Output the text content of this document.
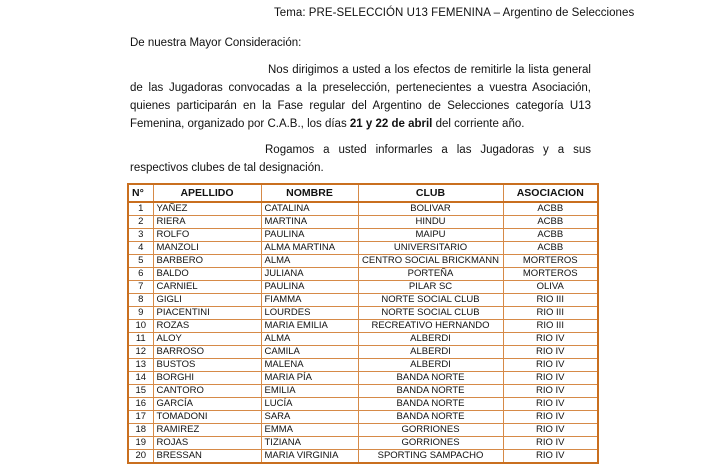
Tema: PRE-SELECCIÓN U13 FEMENINA – Argentino de Selecciones
De nuestra Mayor Consideración:
Nos dirigimos a usted a los efectos de remitirle la lista general de las Jugadoras convocadas a la preselección, pertenecientes a vuestra Asociación, quienes participarán en la Fase regular del Argentino de Selecciones categoría U13 Femenina, organizado por C.A.B., los días 21 y 22 de abril del corriente año.
Rogamos a usted informarles a las Jugadoras y a sus respectivos clubes de tal designación.
N°	APELLIDO	NOMBRE	CLUB	ASOCIACION
1	YAÑEZ	CATALINA	BOLIVAR	ACBB
2	RIERA	MARTINA	HINDU	ACBB
3	ROLFO	PAULINA	MAIPU	ACBB
4	MANZOLI	ALMA MARTINA	UNIVERSITARIO	ACBB
5	BARBERO	ALMA	CENTRO SOCIAL BRICKMANN	MORTEROS
6	BALDO	JULIANA	PORTEÑA	MORTEROS
7	CARNIEL	PAULINA	PILAR SC	OLIVA
8	GIGLI	FIAMMA	NORTE SOCIAL CLUB	RIO III
9	PIACENTINI	LOURDES	NORTE SOCIAL CLUB	RIO III
10	ROZAS	MARIA EMILIA	RECREATIVO HERNANDO	RIO III
11	ALOY	ALMA	ALBERDI	RIO IV
12	BARROSO	CAMILA	ALBERDI	RIO IV
13	BUSTOS	MALENA	ALBERDI	RIO IV
14	BORGHI	MARIA PÍA	BANDA NORTE	RIO IV
15	CANTORO	EMILIA	BANDA NORTE	RIO IV
16	GARCÍA	LUCÍA	BANDA NORTE	RIO IV
17	TOMADONI	SARA	BANDA NORTE	RIO IV
18	RAMIREZ	EMMA	GORRIONES	RIO IV
19	ROJAS	TIZIANA	GORRIONES	RIO IV
20	BRESSAN	MARIA VIRGINIA	SPORTING SAMPACHO	RIO IV
